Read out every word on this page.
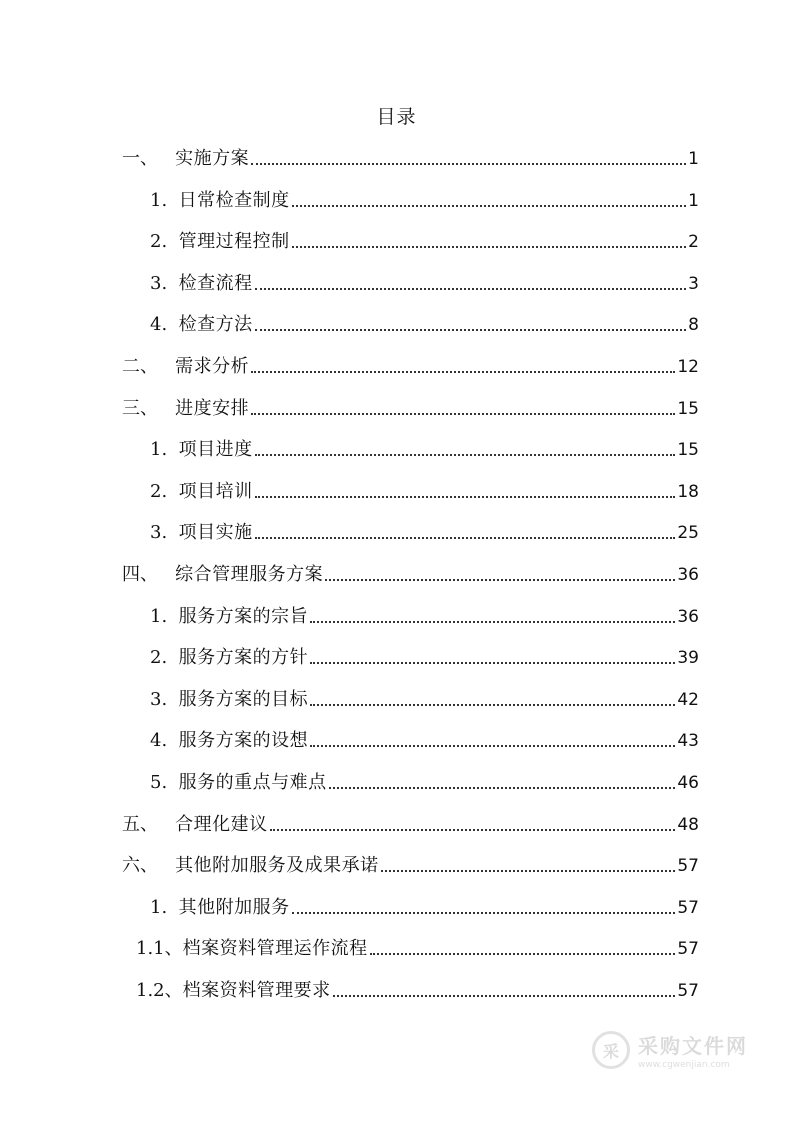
目录
一、 实施方案	1
1. 日常检查制度	1
2. 管理过程控制	2
3. 检查流程	3
4. 检查方法	8
二、 需求分析	12
三、 进度安排	15
1. 项目进度	15
2. 项目培训	18
3. 项目实施	25
四、 综合管理服务方案	36
1. 服务方案的宗旨	36
2. 服务方案的方针	39
3. 服务方案的目标	42
4. 服务方案的设想	43
5. 服务的重点与难点	46
五、 合理化建议	48
六、 其他附加服务及成果承诺	57
1. 其他附加服务	57
1.1、 档案资料管理运作流程	57
1.2、 档案资料管理要求	57
采 采购文件网
www.cgwenjian.com
